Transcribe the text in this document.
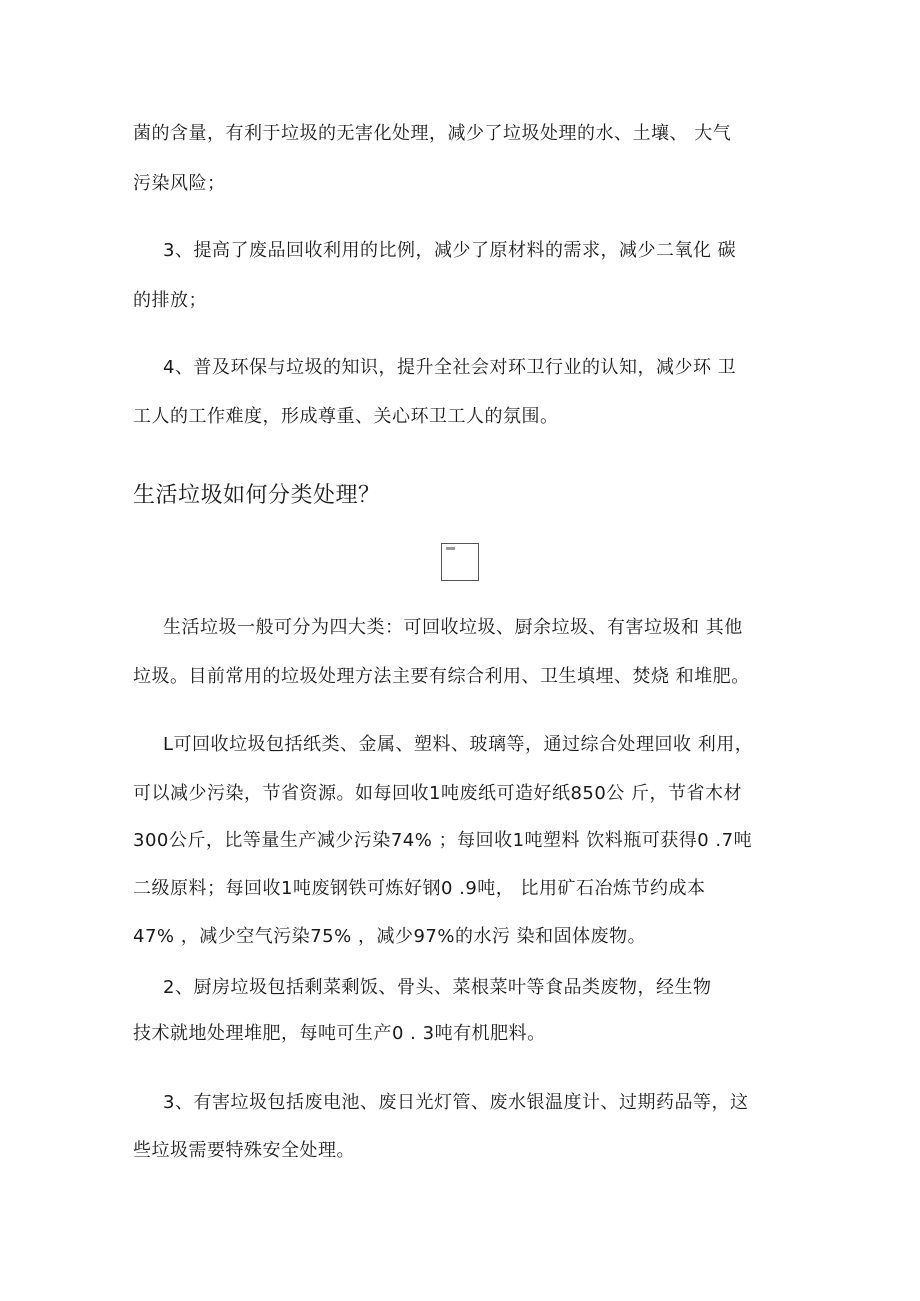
菌的含量，有利于垃圾的无害化处理，减少了垃圾处理的水、土壤、 大气
污染风险；
3、提高了废品回收利用的比例，减少了原材料的需求，减少二氧化 碳
的排放；
4、普及环保与垃圾的知识，提升全社会对环卫行业的认知，减少环 卫
工人的工作难度，形成尊重、关心环卫工人的氛围。
生活垃圾如何分类处理？
生活垃圾一般可分为四大类：可回收垃圾、厨余垃圾、有害垃圾和 其他
垃圾。目前常用的垃圾处理方法主要有综合利用、卫生填埋、焚烧 和堆肥。
L可回收垃圾包括纸类、金属、塑料、玻璃等，通过综合处理回收 利用，
可以减少污染，节省资源。如每回收1吨废纸可造好纸850公 斤，节省木材
300公斤，比等量生产减少污染74% ；每回收1吨塑料 饮料瓶可获得0 .7吨
二级原料；每回收1吨废钢铁可炼好钢0 .9吨， 比用矿石冶炼节约成本
47% ，减少空气污染75% ，减少97%的水污 染和固体废物。
2、厨房垃圾包括剩菜剩饭、骨头、菜根菜叶等食品类废物，经生物
技术就地处理堆肥，每吨可生产0 . 3吨有机肥料。
3、有害垃圾包括废电池、废日光灯管、废水银温度计、过期药品等，这
些垃圾需要特殊安全处理。
